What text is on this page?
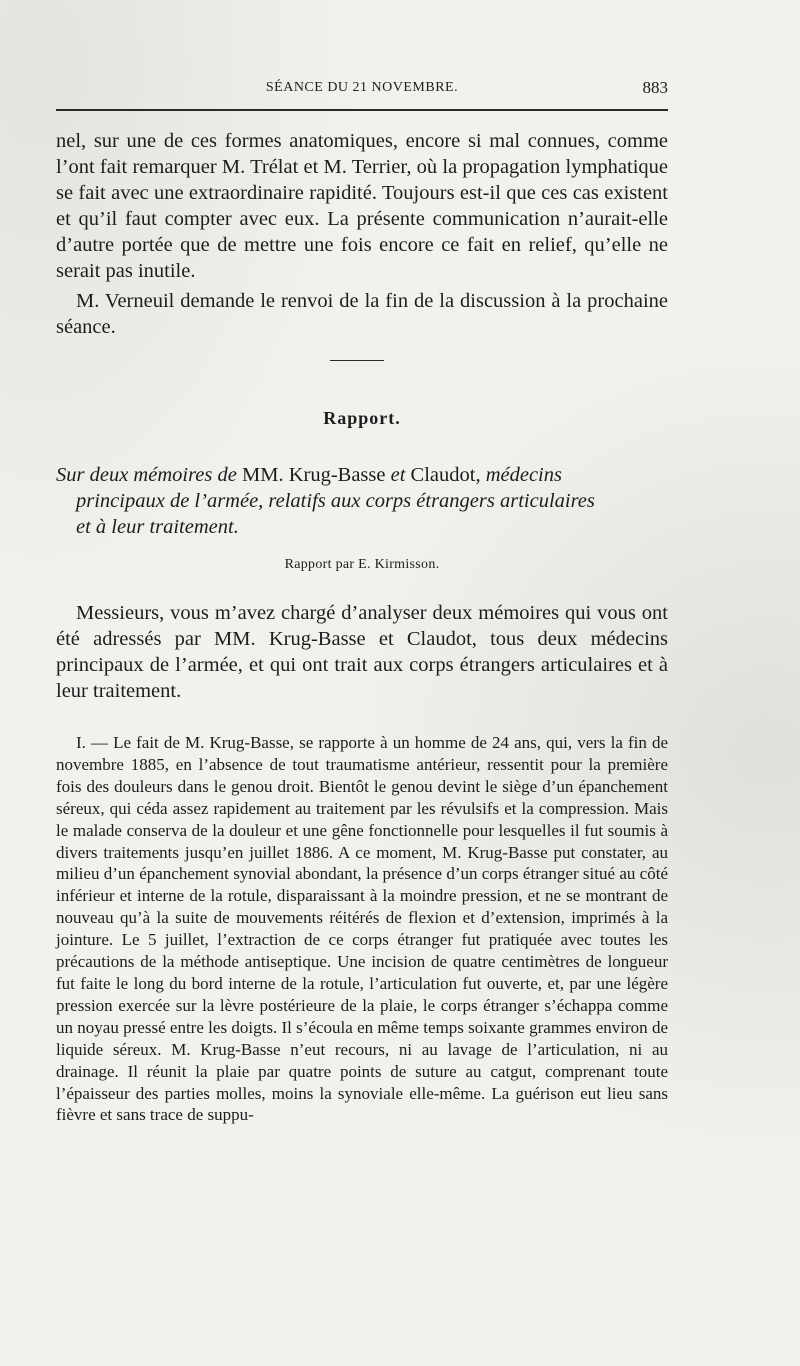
SÉANCE DU 21 NOVEMBRE.	883

nel, sur une de ces formes anatomiques, encore si mal connues, comme l’ont fait remarquer M. Trélat et M. Terrier, où la propagation lymphatique se fait avec une extraordinaire rapidité. Toujours est-il que ces cas existent et qu’il faut compter avec eux. La présente communication n’aurait-elle d’autre portée que de mettre une fois encore ce fait en relief, qu’elle ne serait pas inutile.

M. Verneuil demande le renvoi de la fin de la discussion à la prochaine séance.

Rapport.

Sur deux mémoires de MM. Krug-Basse et Claudot, médecins
principaux de l’armée, relatifs aux corps étrangers articulaires
et à leur traitement.

Rapport par E. Kirmisson.

Messieurs, vous m’avez chargé d’analyser deux mémoires qui vous ont été adressés par MM. Krug-Basse et Claudot, tous deux médecins principaux de l’armée, et qui ont trait aux corps étrangers articulaires et à leur traitement.

I. — Le fait de M. Krug-Basse, se rapporte à un homme de 24 ans, qui, vers la fin de novembre 1885, en l’absence de tout traumatisme antérieur, ressentit pour la première fois des douleurs dans le genou droit. Bientôt le genou devint le siège d’un épanchement séreux, qui céda assez rapidement au traitement par les révulsifs et la compression. Mais le malade conserva de la douleur et une gêne fonctionnelle pour lesquelles il fut soumis à divers traitements jusqu’en juillet 1886. A ce moment, M. Krug-Basse put constater, au milieu d’un épanchement synovial abondant, la présence d’un corps étranger situé au côté inférieur et interne de la rotule, disparaissant à la moindre pression, et ne se montrant de nouveau qu’à la suite de mouvements réitérés de flexion et d’extension, imprimés à la jointure. Le 5 juillet, l’extraction de ce corps étranger fut pratiquée avec toutes les précautions de la méthode antiseptique. Une incision de quatre centimètres de longueur fut faite le long du bord interne de la rotule, l’articulation fut ouverte, et, par une légère pression exercée sur la lèvre postérieure de la plaie, le corps étranger s’échappa comme un noyau pressé entre les doigts. Il s’écoula en même temps soixante grammes environ de liquide séreux. M. Krug-Basse n’eut recours, ni au lavage de l’articulation, ni au drainage. Il réunit la plaie par quatre points de suture au catgut, comprenant toute l’épaisseur des parties molles, moins la synoviale elle-même. La guérison eut lieu sans fièvre et sans trace de suppu-
